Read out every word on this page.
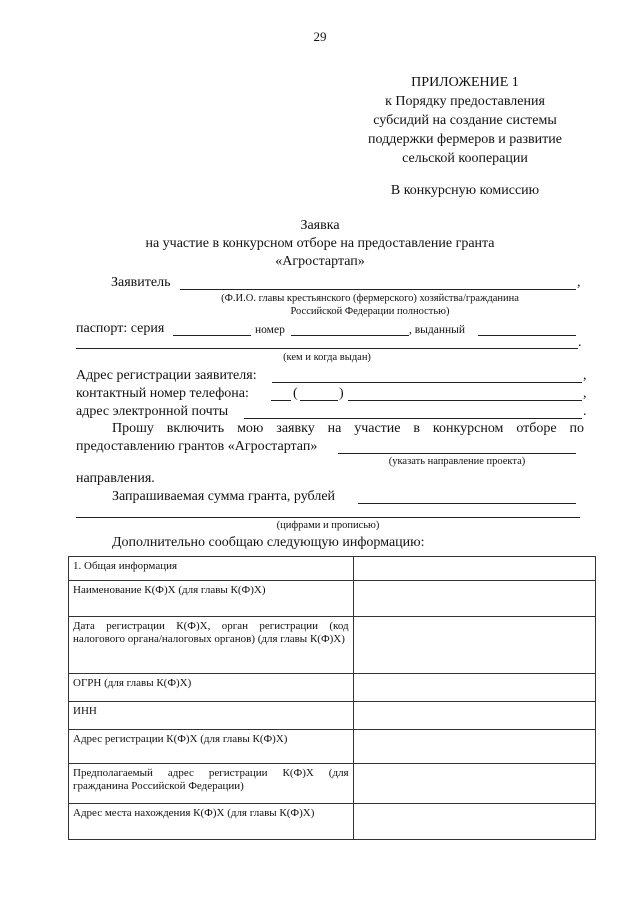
29
ПРИЛОЖЕНИЕ 1
к Порядку предоставления
субсидий на создание системы
поддержки фермеров и развитие
сельской кооперации
В конкурсную комиссию
Заявка
на участие в конкурсном отборе на предоставление гранта
«Агростартап»
Заявитель	,
(Ф.И.О. главы крестьянского (фермерского) хозяйства/гражданина
Российской Федерации полностью)
паспорт: серия	номер	, выданный
.
(кем и когда выдан)
Адрес регистрации заявителя:	,
контактный номер телефона:	(	)	,
адрес электронной почты	.
Прошу включить мою заявку на участие в конкурсном отборе по
предоставлению грантов «Агростартап»
(указать направление проекта)
направления.
Запрашиваемая сумма гранта, рублей
(цифрами и прописью)
Дополнительно сообщаю следующую информацию:
1. Общая информация	
Наименование К(Ф)Х (для главы К(Ф)Х)	
Дата регистрации К(Ф)Х, орган регистрации (код налогового органа/налоговых органов) (для главы К(Ф)Х)	
ОГРН (для главы К(Ф)Х)	
ИНН	
Адрес регистрации К(Ф)Х (для главы К(Ф)Х)	
Предполагаемый адрес регистрации К(Ф)Х (для гражданина Российской Федерации)	
Адрес места нахождения К(Ф)Х (для главы К(Ф)Х)	
